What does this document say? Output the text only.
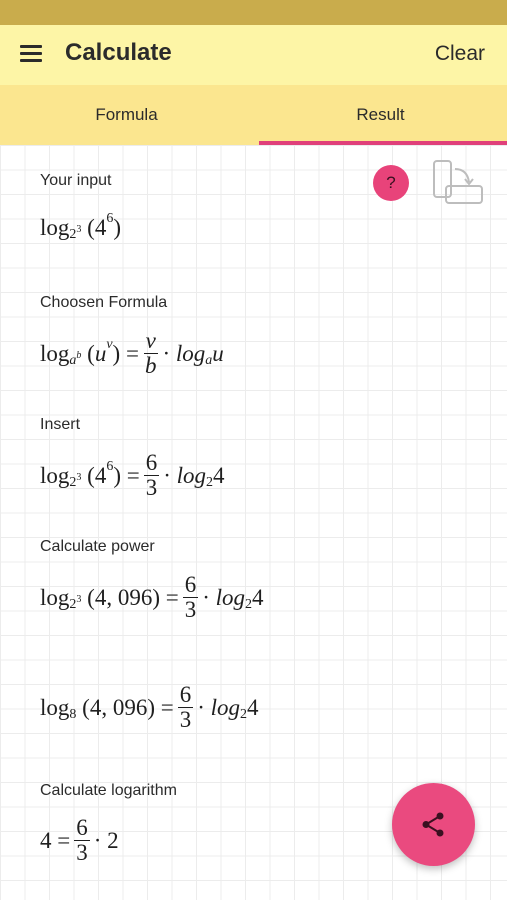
Calculate	Clear
Formula	Result
Your input	?
$\log 2^3$ ( 4 6 )
Choosen Formula
$\log a^b$ ( u v ) = $\frac{v}{b}$ ·
log a u
Insert
$\log 2^3$ ( 4 6 ) = $\frac{6}{3}$ ·
log 2 4
Calculate power
$\log 2^3$ ( 4, 096 ) = $\frac{6}{3}$ ·
log 2 4
log 8 ( 4, 096 ) = $\frac{6}{3}$ ·
log 2 4
Calculate logarithm
4
= $\frac{6}{3}$ ·
2
